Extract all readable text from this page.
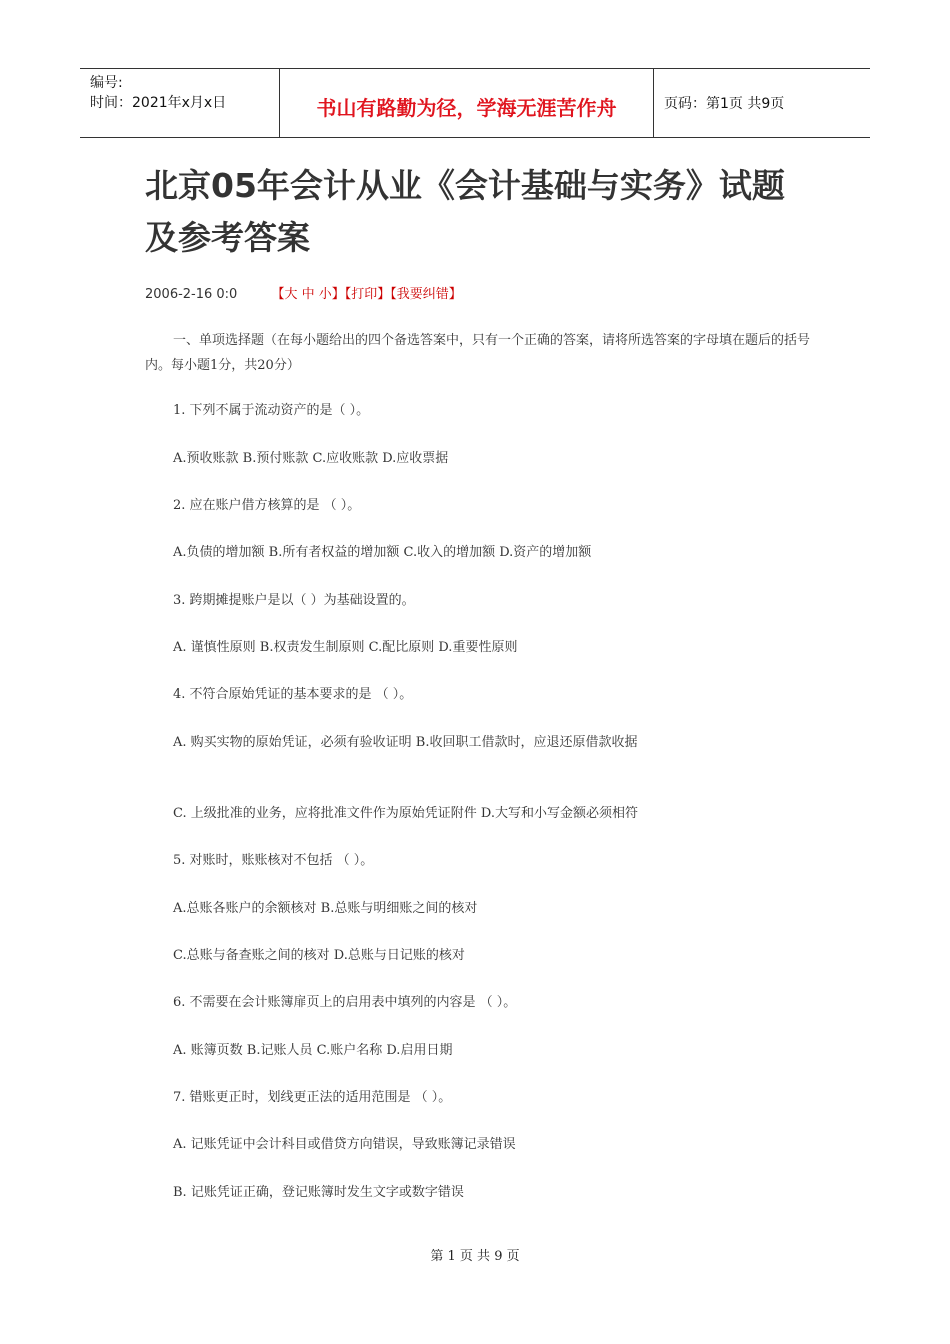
编号:
时间：2021年x月x日	书山有路勤为径，学海无涯苦作舟	页码：第1页 共9页
北京05年会计从业《会计基础与实务》试题及参考答案
2006-2-16 0:0	【大 中 小】【打印】【我要纠错】

一、单项选择题（在每小题给出的四个备选答案中，只有一个正确的答案，请将所选答案的字母填在题后的括号内。每小题1分，共20分）

1. 下列不属于流动资产的是（ ）。
A.预收账款 B.预付账款 C.应收账款 D.应收票据
2. 应在账户借方核算的是 （ ）。
A.负债的增加额 B.所有者权益的增加额 C.收入的增加额 D.资产的增加额
3. 跨期摊提账户是以（ ）为基础设置的。
A. 谨慎性原则 B.权责发生制原则 C.配比原则 D.重要性原则
4. 不符合原始凭证的基本要求的是 （ ）。
A. 购买实物的原始凭证，必须有验收证明 B.收回职工借款时，应退还原借款收据
C. 上级批准的业务，应将批准文件作为原始凭证附件 D.大写和小写金额必须相符
5. 对账时，账账核对不包括 （ ）。
A.总账各账户的余额核对 B.总账与明细账之间的核对
C.总账与备查账之间的核对 D.总账与日记账的核对
6. 不需要在会计账簿扉页上的启用表中填列的内容是 （ ）。
A. 账簿页数 B.记账人员 C.账户名称 D.启用日期
7. 错账更正时，划线更正法的适用范围是 （ ）。
A. 记账凭证中会计科目或借贷方向错误，导致账簿记录错误
B. 记账凭证正确，登记账簿时发生文字或数字错误
第 1 页 共 9 页
